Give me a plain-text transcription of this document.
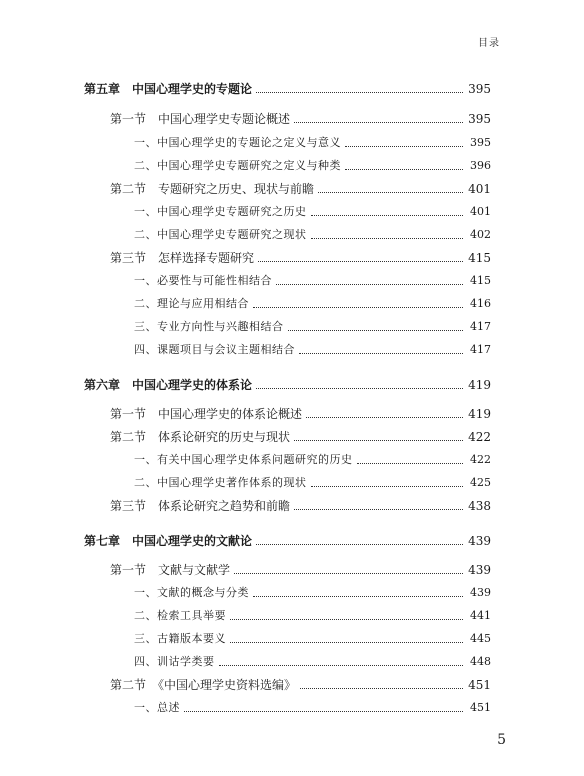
目录
第五章　中国心理学史的专题论	395
第一节　中国心理学史专题论概述	395
一、中国心理学史的专题论之定义与意义	395
二、中国心理学史专题研究之定义与种类	396
第二节　专题研究之历史、现状与前瞻	401
一、中国心理学史专题研究之历史	401
二、中国心理学史专题研究之现状	402
第三节　怎样选择专题研究	415
一、必要性与可能性相结合	415
二、理论与应用相结合	416
三、专业方向性与兴趣相结合	417
四、课题项目与会议主题相结合	417
第六章　中国心理学史的体系论	419
第一节　中国心理学史的体系论概述	419
第二节　体系论研究的历史与现状	422
一、有关中国心理学史体系问题研究的历史	422
二、中国心理学史著作体系的现状	425
第三节　体系论研究之趋势和前瞻	438
第七章　中国心理学史的文献论	439
第一节　文献与文献学	439
一、文献的概念与分类	439
二、检索工具举要	441
三、古籍版本要义	445
四、训诂学类要	448
第二节　《中国心理学史资料选编》	451
一、总述	451
5
